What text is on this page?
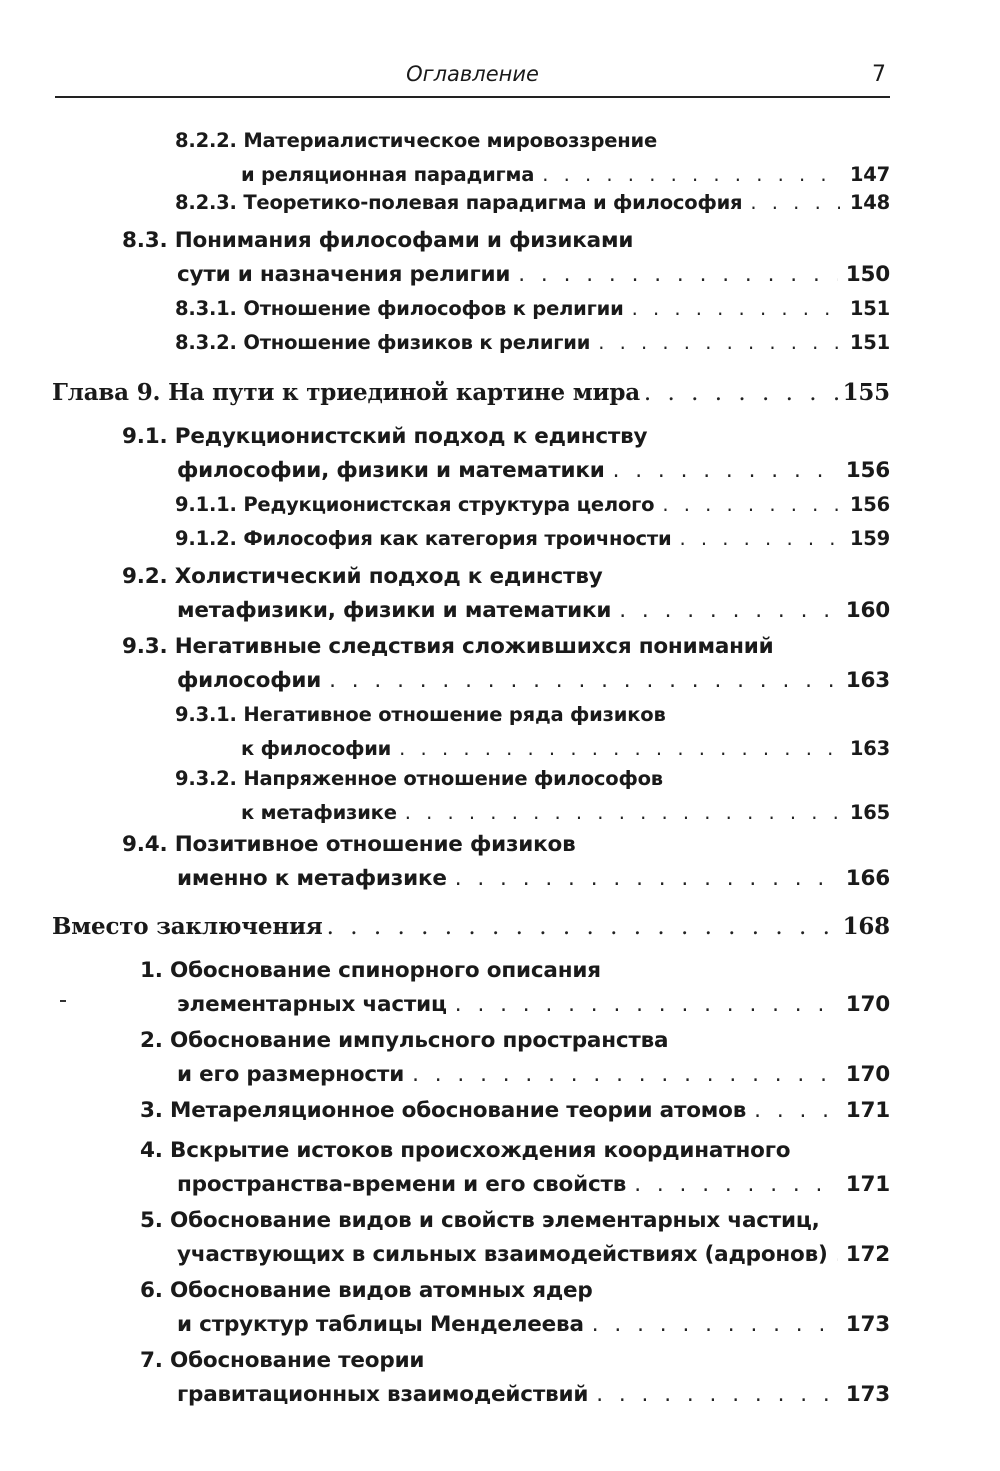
Оглавление	7
8.2.2. Материалистическое мировоззрение
и реляционная парадигма . . .	147
8.2.3. Теоретико-полевая парадигма и философия . . .	148
8.3. Понимания философами и физиками
сути и назначения религии . . .	150
8.3.1. Отношение философов к религии . . .	151
8.3.2. Отношение физиков к религии . . .	151
Глава 9. На пути к триединой картине мира . . .	155
9.1. Редукционистский подход к единству
философии, физики и математики . . .	156
9.1.1. Редукционистская структура целого . . .	156
9.1.2. Философия как категория троичности . . .	159
9.2. Холистический подход к единству
метафизики, физики и математики . . .	160
9.3. Негативные следствия сложившихся пониманий
философии . . .	163
9.3.1. Негативное отношение ряда физиков
к философии . . .	163
9.3.2. Напряженное отношение философов
к метафизике . . .	165
9.4. Позитивное отношение физиков
именно к метафизике . . .	166
Вместо заключения . . .	168
1. Обоснование спинорного описания
элементарных частиц . . .	170
2. Обоснование импульсного пространства
и его размерности . . .	170
3. Метареляционное обоснование теории атомов . . .	171
4. Вскрытие истоков происхождения координатного
пространства-времени и его свойств . . .	171
5. Обоснование видов и свойств элементарных частиц,
участвующих в сильных взаимодействиях (адронов) . . . 172
6. Обоснование видов атомных ядер
и структур таблицы Менделеева . . .	173
7. Обоснование теории
гравитационных взаимодействий . . .	173
